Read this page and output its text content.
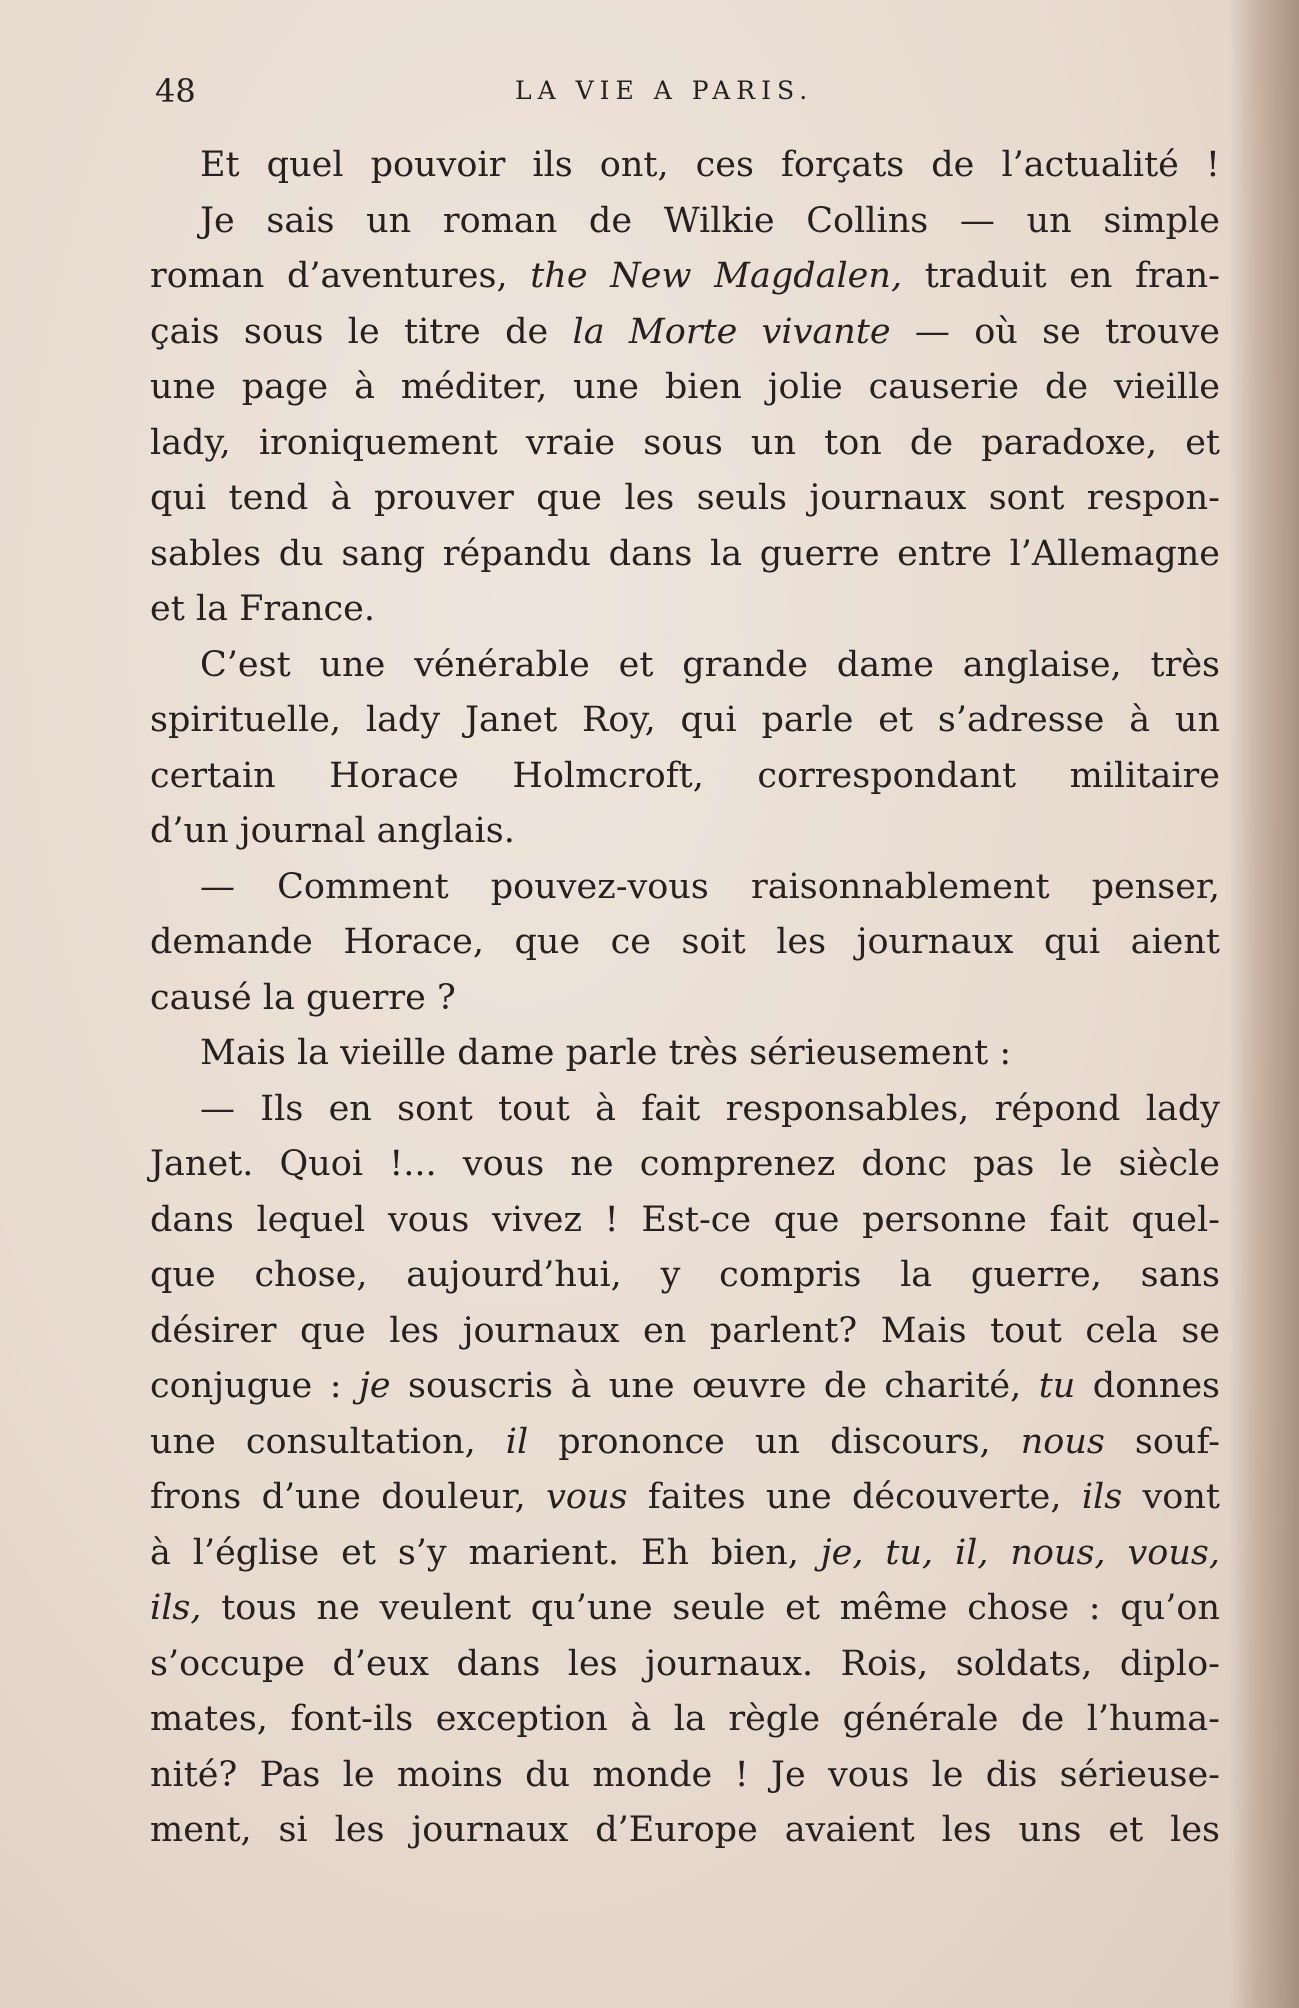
48	LA VIE A PARIS.
Et quel pouvoir ils ont, ces forçats de l’actualité !
Je sais un roman de Wilkie Collins — un simple
roman d’aventures, the New Magdalen, traduit en fran-
çais sous le titre de la Morte vivante — où se trouve
une page à méditer, une bien jolie causerie de vieille
lady, ironiquement vraie sous un ton de paradoxe, et
qui tend à prouver que les seuls journaux sont respon-
sables du sang répandu dans la guerre entre l’Allemagne
et la France.
C’est une vénérable et grande dame anglaise, très
spirituelle, lady Janet Roy, qui parle et s’adresse à un
certain Horace Holmcroft, correspondant militaire
d’un journal anglais.
— Comment pouvez-vous raisonnablement penser,
demande Horace, que ce soit les journaux qui aient
causé la guerre ?
Mais la vieille dame parle très sérieusement :
— Ils en sont tout à fait responsables, répond lady
Janet. Quoi !... vous ne comprenez donc pas le siècle
dans lequel vous vivez ! Est-ce que personne fait quel-
que chose, aujourd’hui, y compris la guerre, sans
désirer que les journaux en parlent? Mais tout cela se
conjugue : je souscris à une œuvre de charité, tu donnes
une consultation, il prononce un discours, nous souf-
frons d’une douleur, vous faites une découverte, ils vont
à l’église et s’y marient. Eh bien, je, tu, il, nous, vous,
ils, tous ne veulent qu’une seule et même chose : qu’on
s’occupe d’eux dans les journaux. Rois, soldats, diplo-
mates, font-ils exception à la règle générale de l’huma-
nité? Pas le moins du monde ! Je vous le dis sérieuse-
ment, si les journaux d’Europe avaient les uns et les
